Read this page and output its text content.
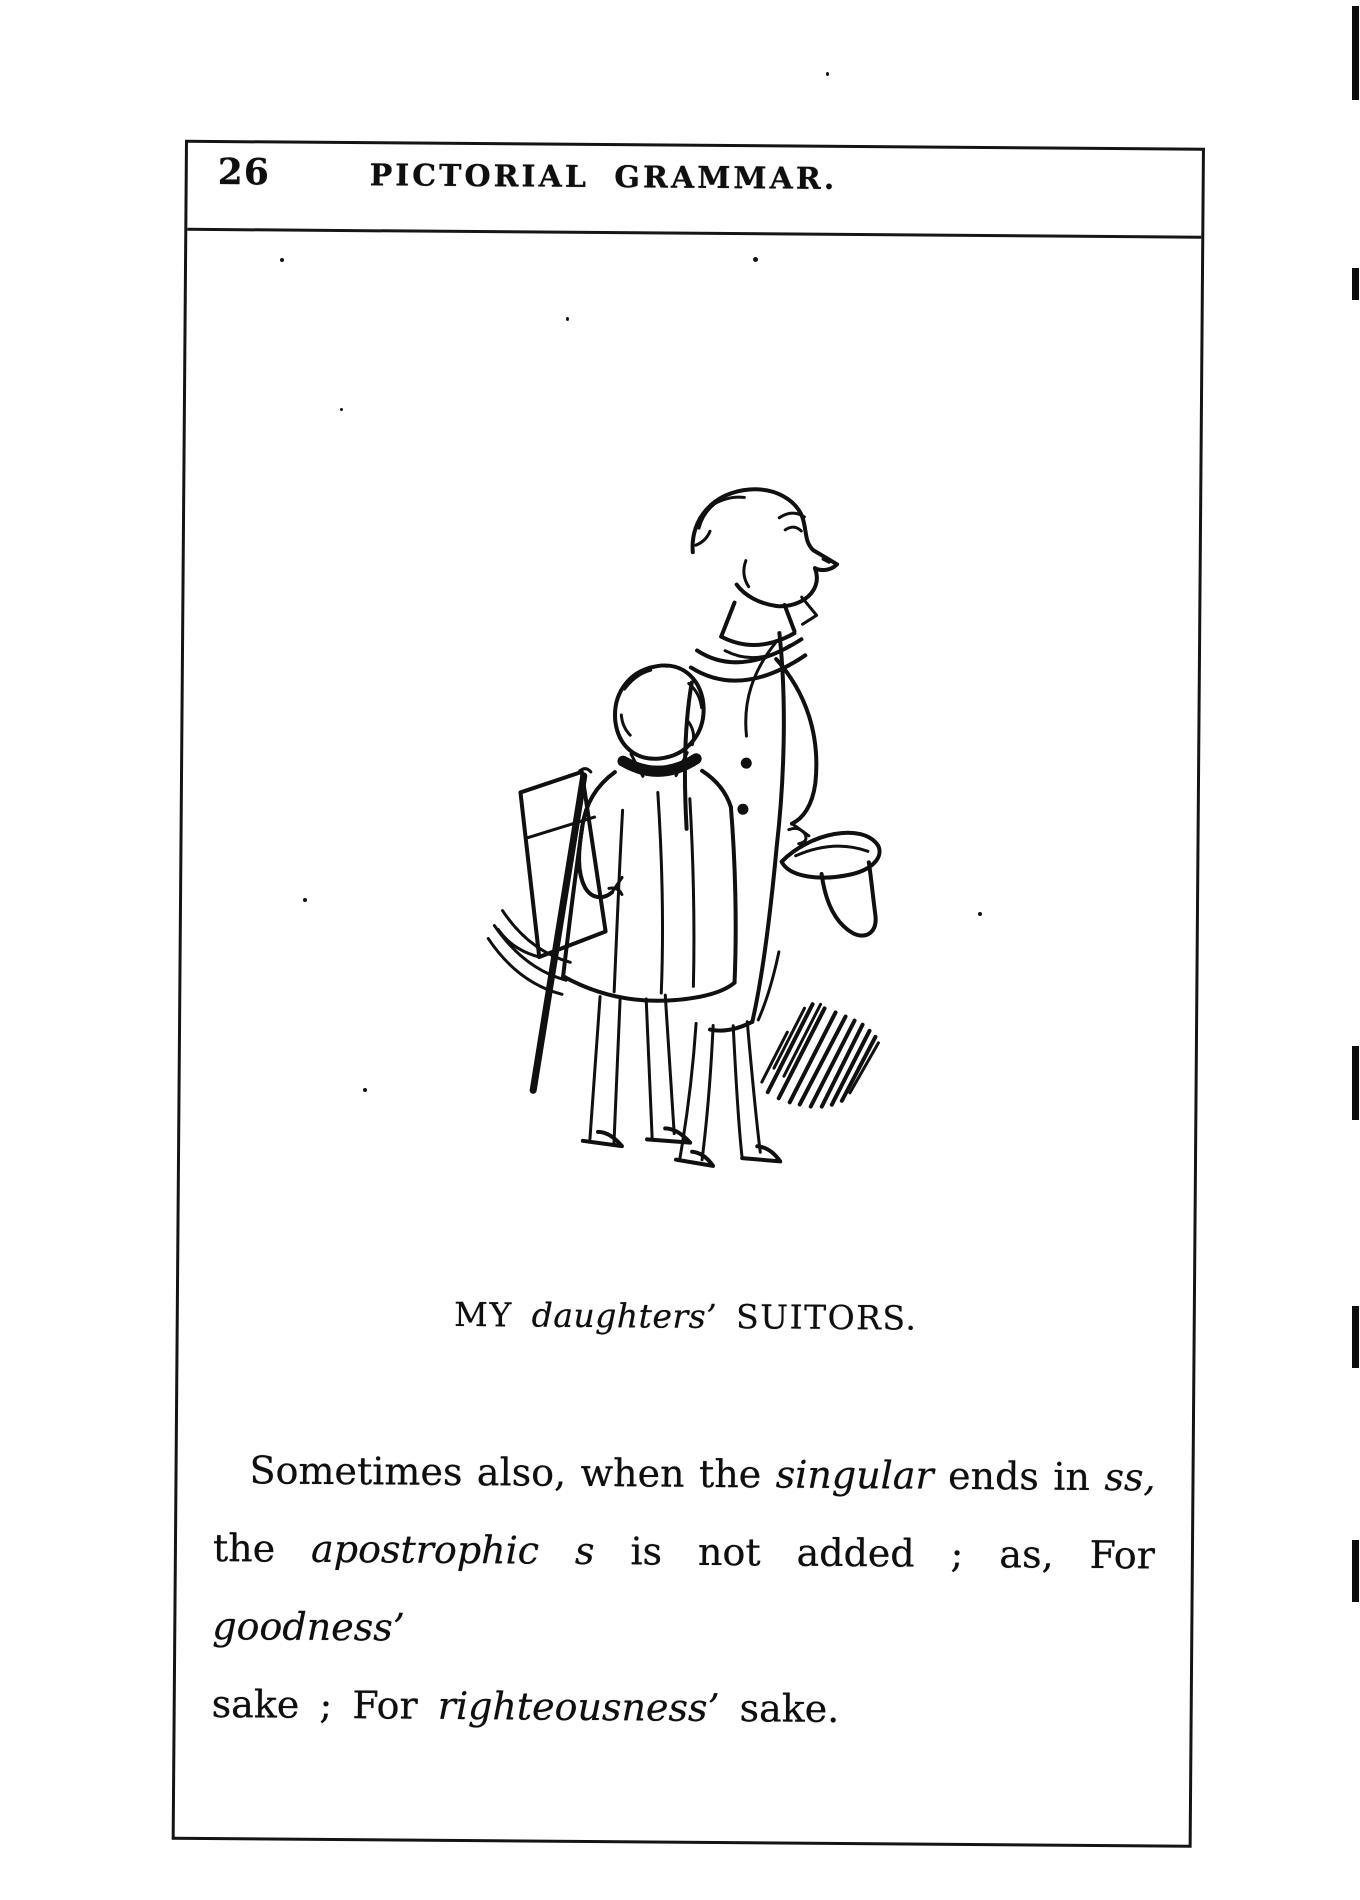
26	PICTORIAL GRAMMAR.
MY daughters’ SUITORS.
Sometimes also, when the singular ends in ss,
the apostrophic s is not added ; as, For goodness’
sake ; For righteousness’ sake.
